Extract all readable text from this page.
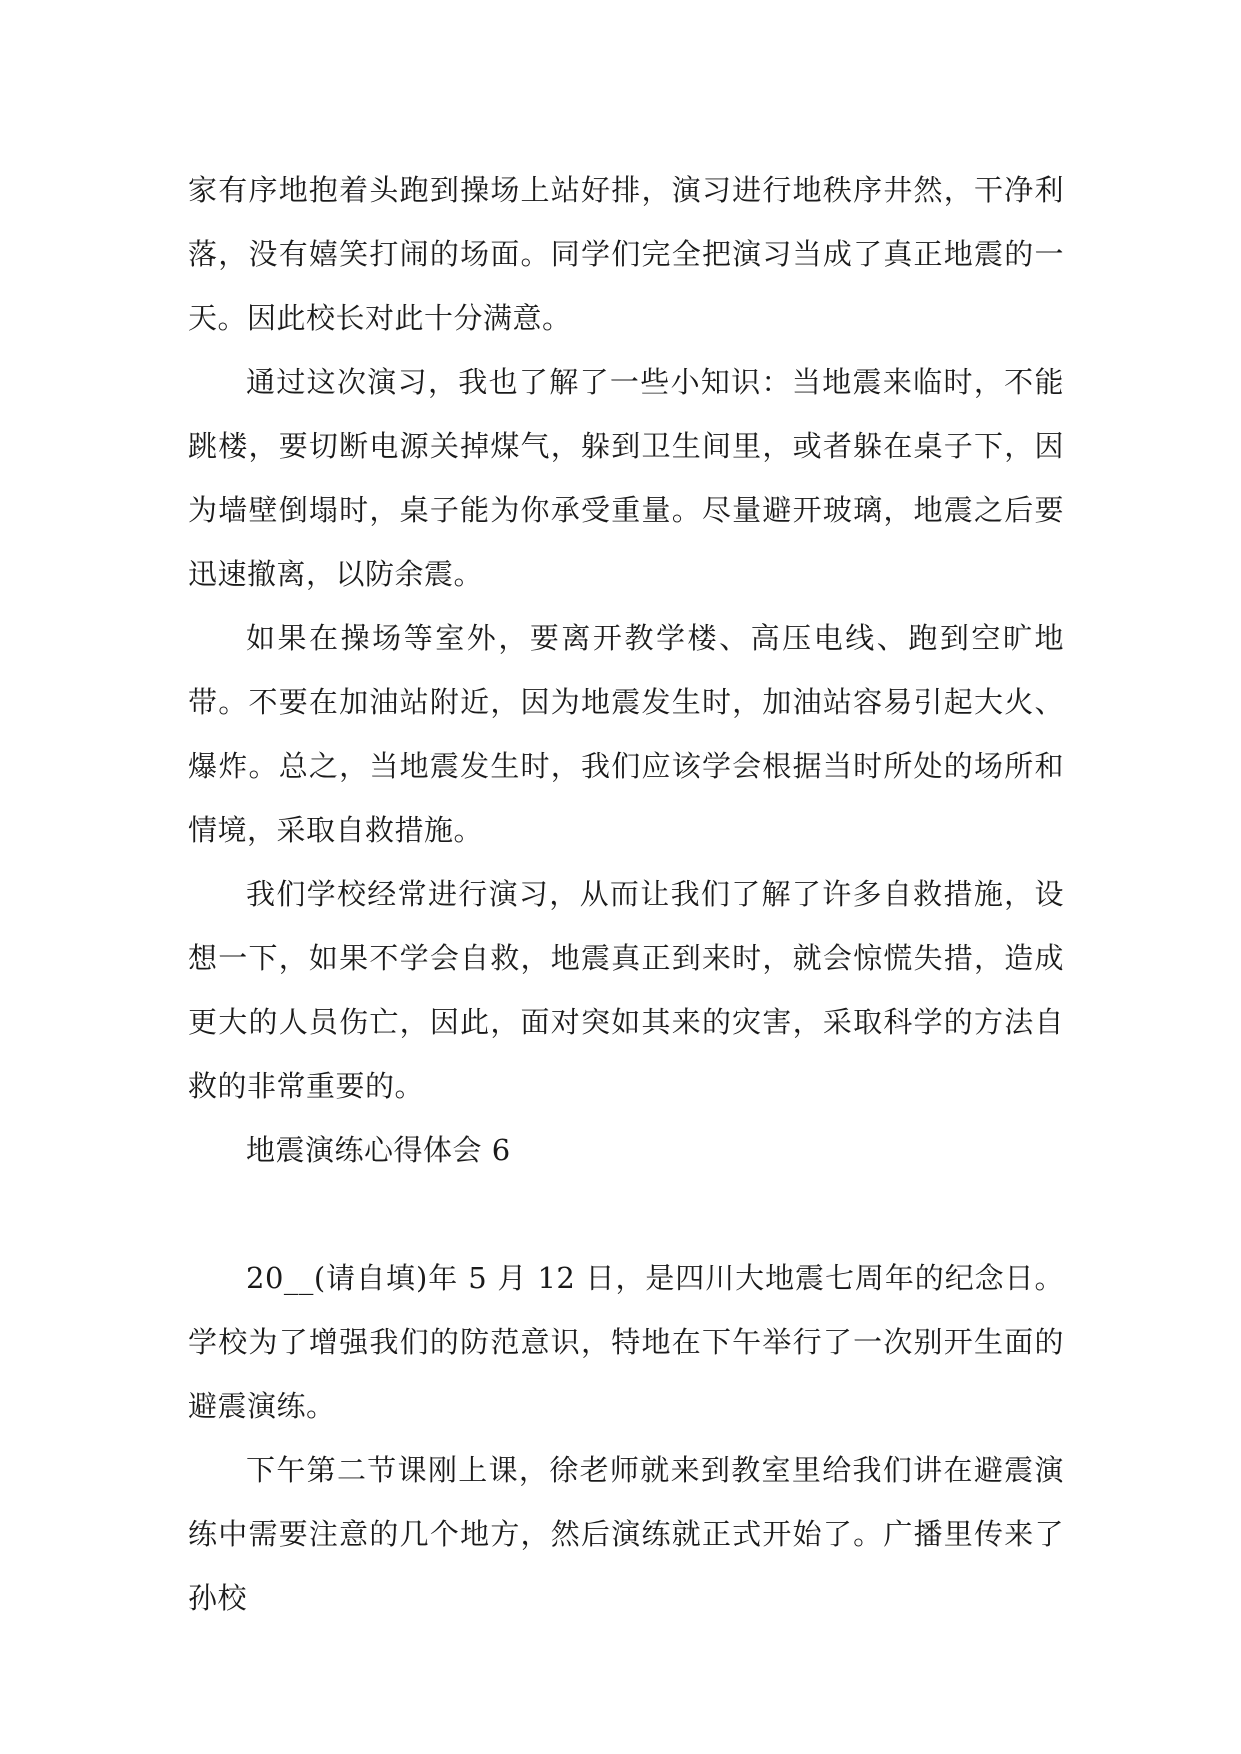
家有序地抱着头跑到操场上站好排，演习进行地秩序井然，干净利落，没有嬉笑打闹的场面。同学们完全把演习当成了真正地震的一天。因此校长对此十分满意。

通过这次演习，我也了解了一些小知识：当地震来临时，不能跳楼，要切断电源关掉煤气，躲到卫生间里，或者躲在桌子下，因为墙壁倒塌时，桌子能为你承受重量。尽量避开玻璃，地震之后要迅速撤离，以防余震。

如果在操场等室外，要离开教学楼、高压电线、跑到空旷地带。不要在加油站附近，因为地震发生时，加油站容易引起大火、爆炸。总之，当地震发生时，我们应该学会根据当时所处的场所和情境，采取自救措施。

我们学校经常进行演习，从而让我们了解了许多自救措施，设想一下，如果不学会自救，地震真正到来时，就会惊慌失措，造成更大的人员伤亡，因此，面对突如其来的灾害，采取科学的方法自救的非常重要的。

地震演练心得体会 6

20__(请自填)年 5 月 12 日，是四川大地震七周年的纪念日。学校为了增强我们的防范意识，特地在下午举行了一次别开生面的避震演练。

下午第二节课刚上课，徐老师就来到教室里给我们讲在避震演练中需要注意的几个地方，然后演练就正式开始了。广播里传来了孙校
